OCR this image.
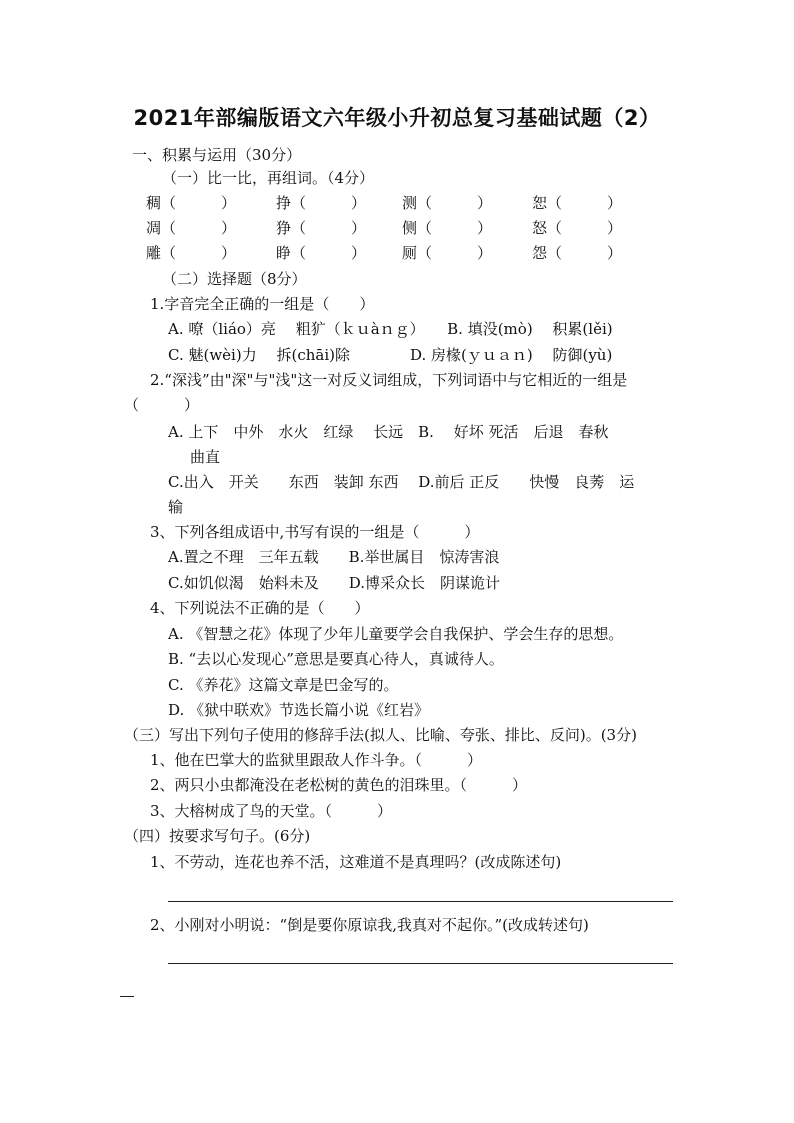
2021年部编版语文六年级小升初总复习基础试题（2）
一、积累与运用（30分）
（一）比一比，再组词。（4分）
稠（　　　）	挣（　　　） 测（　　　）	恕（　　　）
凋（　　　）	狰（　　　） 侧（　　　）	怒（　　　）
雕（　　　）	睁（　　　） 厕（　　　）	怨（　　　）
（二）选择题（8分）
1.字音完全正确的一组是（　　）
A. 嘹（liáo）亮　 粗犷（ｋｕàｎｇ）　　B. 填没(mò)　 积累(lěi)
C. 魅(wèi)力　 拆(chāi)除　　　　D. 房椽(ｙｕａｎ)　 防御(yù)
2.“深浅”由"深"与"浅"这一对反义词组成，下列词语中与它相近的一组是
（　　　）
A. 上下　中外　水火　红绿　 长远　B.　 好坏 死活　后退　春秋
曲直
C.出入　开关　　东西　装卸 东西　 D.前后 正反　　快慢　良莠　运
输
3、下列各组成语中,书写有误的一组是（　　　）
A.置之不理　三年五载　　B.举世属目　惊涛害浪
C.如饥似渴　始料未及　　D.博采众长　阴谋诡计
4、下列说法不正确的是（　　）
A. 《智慧之花》体现了少年儿童要学会自我保护、学会生存的思想。
B. “去以心发现心”意思是要真心待人，真诚待人。
C. 《养花》这篇文章是巴金写的。
D. 《狱中联欢》节选长篇小说《红岩》
（三）写出下列句子使用的修辞手法(拟人、比喻、夸张、排比、反问)。(3分)
1、他在巴掌大的监狱里跟敌人作斗争。（　　　）
2、两只小虫都淹没在老松树的黄色的泪珠里。（　　　）
3、大榕树成了鸟的天堂。（　　　）
（四）按要求写句子。(6分)
1、不劳动，连花也养不活，这难道不是真理吗？(改成陈述句)
2、小刚对小明说：“倒是要你原谅我,我真对不起你。”(改成转述句)
